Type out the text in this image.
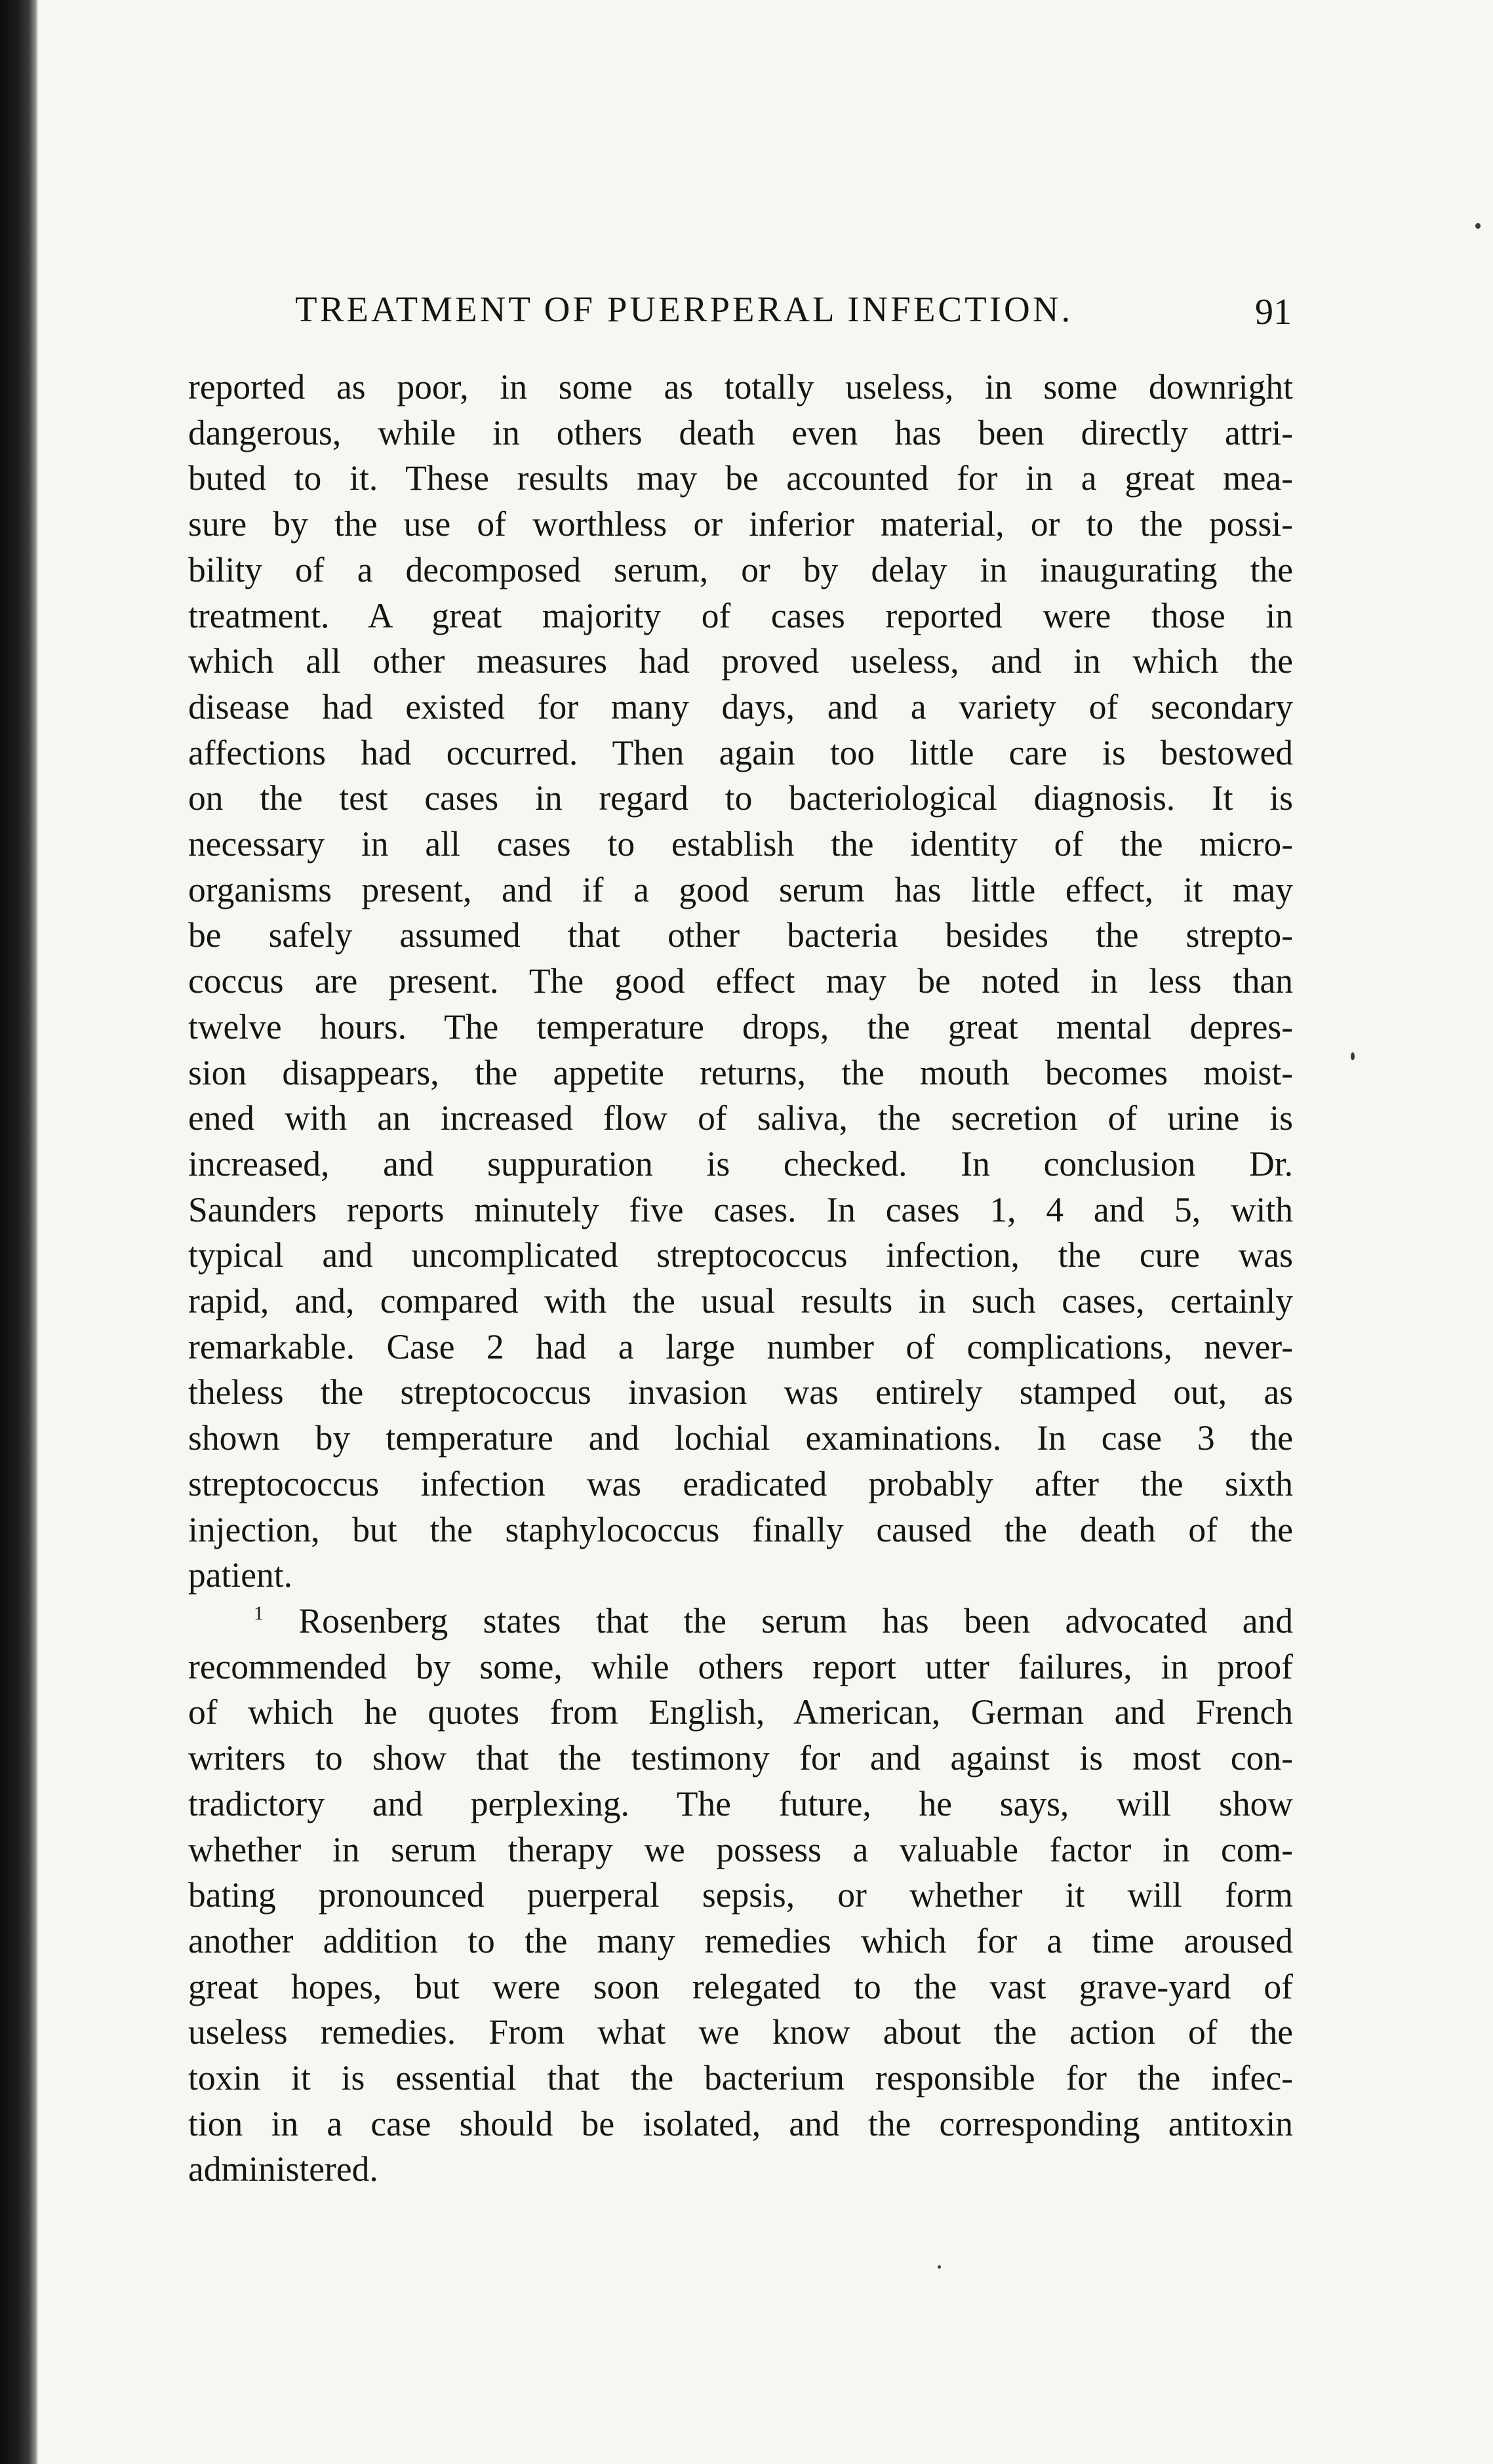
TREATMENT OF PUERPERAL INFECTION.	91
reported as poor, in some as totally useless, in some downright
dangerous, while in others death even has been directly attri-
buted to it. These results may be accounted for in a great mea-
sure by the use of worthless or inferior material, or to the possi-
bility of a decomposed serum, or by delay in inaugurating the
treatment. A great majority of cases reported were those in
which all other measures had proved useless, and in which the
disease had existed for many days, and a variety of secondary
affections had occurred. Then again too little care is bestowed
on the test cases in regard to bacteriological diagnosis. It is
necessary in all cases to establish the identity of the micro-
organisms present, and if a good serum has little effect, it may
be safely assumed that other bacteria besides the strepto-
coccus are present. The good effect may be noted in less than
twelve hours. The temperature drops, the great mental depres-
sion disappears, the appetite returns, the mouth becomes moist-
ened with an increased flow of saliva, the secretion of urine is
increased, and suppuration is checked. In conclusion Dr.
Saunders reports minutely five cases. In cases 1, 4 and 5, with
typical and uncomplicated streptococcus infection, the cure was
rapid, and, compared with the usual results in such cases, certainly
remarkable. Case 2 had a large number of complications, never-
theless the streptococcus invasion was entirely stamped out, as
shown by temperature and lochial examinations. In case 3 the
streptococcus infection was eradicated probably after the sixth
injection, but the staphylococcus finally caused the death of the
patient.
$^1$ Rosenberg states that the serum has been advocated and
recommended by some, while others report utter failures, in proof
of which he quotes from English, American, German and French
writers to show that the testimony for and against is most con-
tradictory and perplexing. The future, he says, will show
whether in serum therapy we possess a valuable factor in com-
bating pronounced puerperal sepsis, or whether it will form
another addition to the many remedies which for a time aroused
great hopes, but were soon relegated to the vast grave-yard of
useless remedies. From what we know about the action of the
toxin it is essential that the bacterium responsible for the infec-
tion in a case should be isolated, and the corresponding antitoxin
administered.
